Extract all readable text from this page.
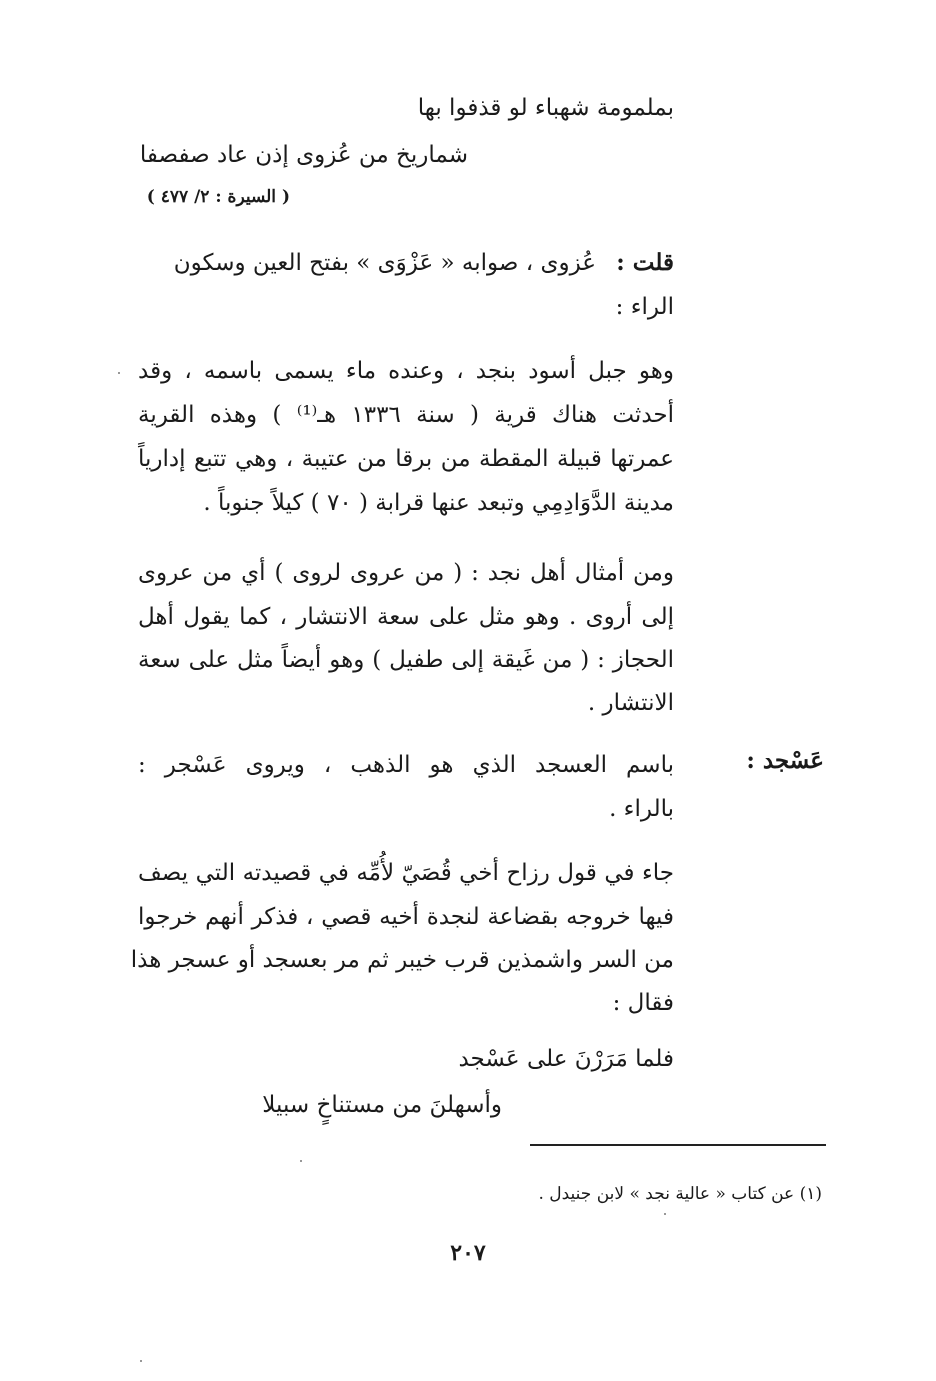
بملمومة شهباء لو قذفوا بها
شماريخ من عُزوى إذن عاد صفصفا
( السيرة : ٢/ ٤٧٧ )
قلت :
عُزوى ، صوابه « عَزْوَى » بفتح العين وسكون
الراء :
وهو جبل أسود بنجد ، وعنده ماء يسمى باسمه ، وقد
أحدثت هناك قرية ( سنة ١٣٣٦ هـ⁽¹⁾ ) وهذه القرية
عمرتها قبيلة المقطة من برقا من عتيبة ، وهي تتبع إدارياً
مدينة الدَّوَادِمِي وتبعد عنها قرابة ( ٧٠ ) كيلاً جنوباً .
ومن أمثال أهل نجد : ( من عروى لروى ) أي من عروى
إلى أروى . وهو مثل على سعة الانتشار ، كما يقول أهل
الحجاز : ( من غَيقة إلى طفيل ) وهو أيضاً مثل على سعة
الانتشار .
عَسْجد :
باسم العسجد الذي هو الذهب ، ويروى عَسْجر :
بالراء .
جاء في قول رزاح أخي قُصَيّ لأُمِّه في قصيدته التي يصف
فيها خروجه بقضاعة لنجدة أخيه قصي ، فذكر أنهم خرجوا
من السر واشمذين قرب خيبر ثم مر بعسجد أو عسجر هذا
فقال :
فلما مَرَرْنَ على عَسْجد
وأسهلنَ من مستناخٍ سبيلا
(١) عن كتاب « عالية نجد » لابن جنيدل .
٢٠٧
